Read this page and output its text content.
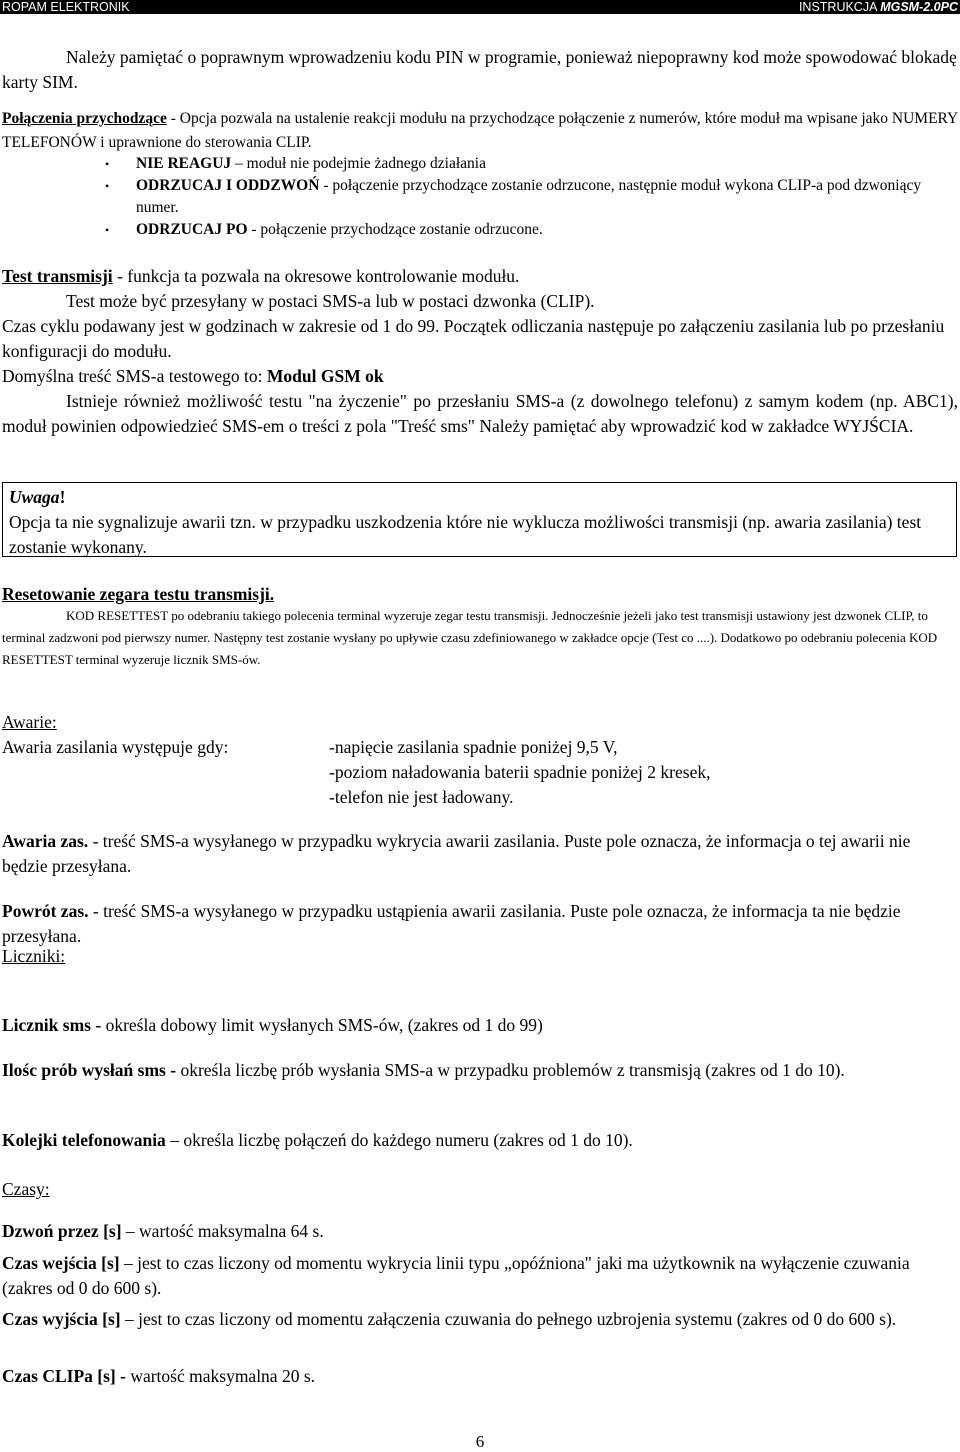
ROPAM ELEKTRONIK	INSTRUKCJA MGSM-2.0PC

Należy pamiętać o poprawnym wprowadzeniu kodu PIN w programie, ponieważ niepoprawny kod może spowodować blokadę karty SIM.

Połączenia przychodzące - Opcja pozwala na ustalenie reakcji modułu na przychodzące połączenie z numerów, które moduł ma wpisane jako NUMERY TELEFONÓW i uprawnione do sterowania CLIP.

• NIE REAGUJ – moduł nie podejmie żadnego działania
• ODRZUCAJ I ODDZWOŃ - połączenie przychodzące zostanie odrzucone, następnie moduł wykona CLIP-a pod dzwoniący numer.
• ODRZUCAJ PO - połączenie przychodzące zostanie odrzucone.

Test transmisji - funkcja ta pozwala na okresowe kontrolowanie modułu.

Test może być przesyłany w postaci SMS-a lub w postaci dzwonka (CLIP).

Czas cyklu podawany jest w godzinach w zakresie od 1 do 99. Początek odliczania następuje po załączeniu zasilania lub po przesłaniu konfiguracji do modułu.

Domyślna treść SMS-a testowego to: Modul GSM ok

Istnieje również możliwość testu "na życzenie" po przesłaniu SMS-a (z dowolnego telefonu) z samym kodem (np. ABC1), moduł powinien odpowiedzieć SMS-em o treści z pola "Treść sms" Należy pamiętać aby wprowadzić kod w zakładce WYJŚCIA.

Uwaga!
Opcja ta nie sygnalizuje awarii tzn. w przypadku uszkodzenia które nie wyklucza możliwości transmisji (np. awaria zasilania) test zostanie wykonany.

Resetowanie zegara testu transmisji.

KOD RESETTEST po odebraniu takiego polecenia terminal wyzeruje zegar testu transmisji. Jednocześnie jeżeli jako test transmisji ustawiony jest dzwonek CLIP, to terminal zadzwoni pod pierwszy numer. Następny test zostanie wysłany po upływie czasu zdefiniowanego w zakładce opcje (Test co ....). Dodatkowo po odebraniu polecenia KOD RESETTEST terminal wyzeruje licznik SMS-ów.

Awarie:

Awaria zasilania występuje gdy:	-napięcie zasilania spadnie poniżej 9,5 V,
-poziom naładowania baterii spadnie poniżej 2 kresek,
-telefon nie jest ładowany.

Awaria zas. - treść SMS-a wysyłanego w przypadku wykrycia awarii zasilania. Puste pole oznacza, że informacja o tej awarii nie będzie przesyłana.

Powrót zas. - treść SMS-a wysyłanego w przypadku ustąpienia awarii zasilania. Puste pole oznacza, że informacja ta nie będzie przesyłana.

Liczniki:

Licznik sms - określa dobowy limit wysłanych SMS-ów, (zakres od 1 do 99)

Ilośc prób wysłań sms - określa liczbę prób wysłania SMS-a w przypadku problemów z transmisją (zakres od 1 do 10).

Kolejki telefonowania – określa liczbę połączeń do każdego numeru (zakres od 1 do 10).

Czasy:

Dzwoń przez [s] – wartość maksymalna 64 s.

Czas wejścia [s] – jest to czas liczony od momentu wykrycia linii typu „opóźniona" jaki ma użytkownik na wyłączenie czuwania (zakres od 0 do 600 s).

Czas wyjścia [s] – jest to czas liczony od momentu załączenia czuwania do pełnego uzbrojenia systemu (zakres od 0 do 600 s).

Czas CLIPa [s] - wartość maksymalna 20 s.

6
